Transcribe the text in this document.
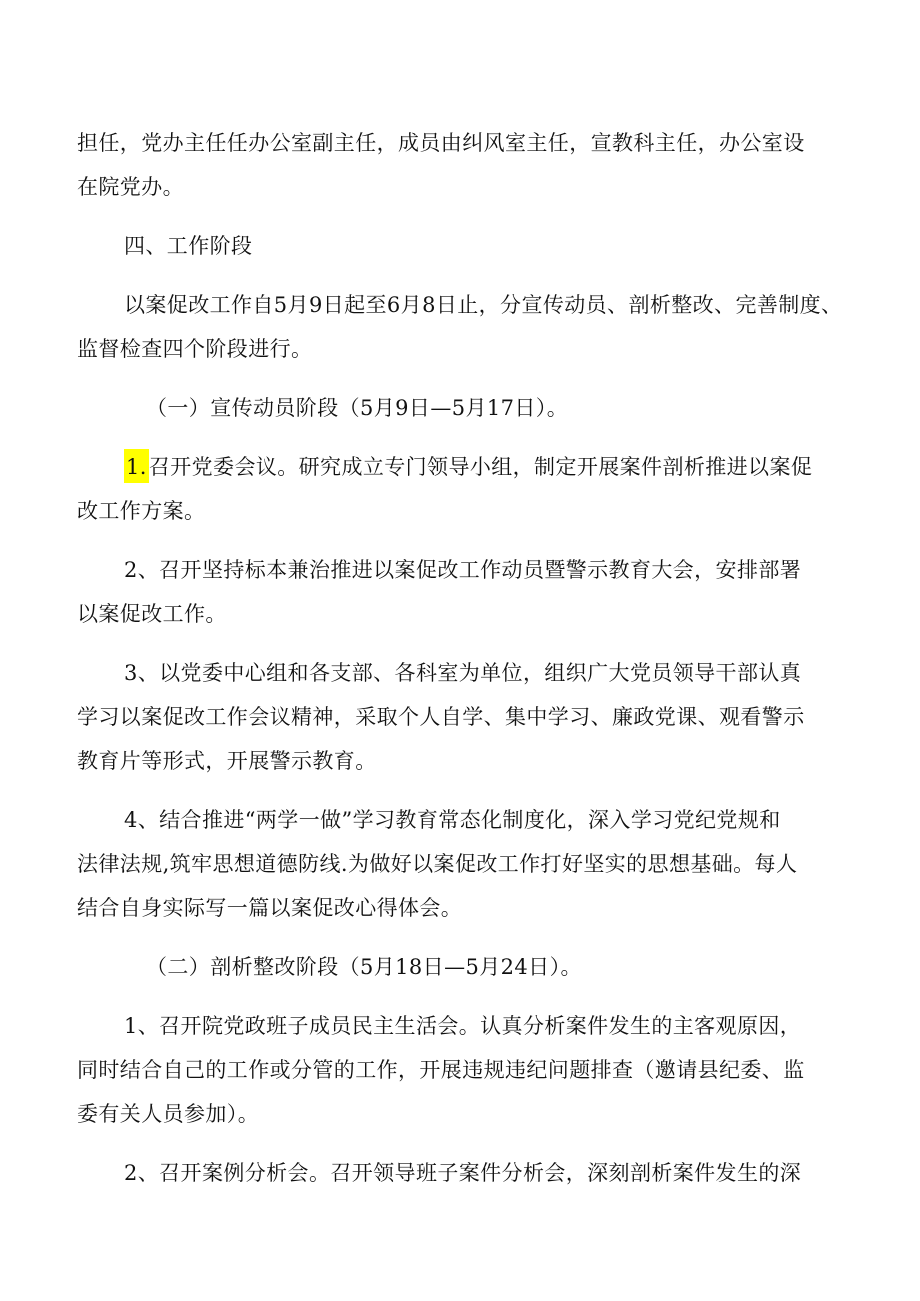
担任，党办主任任办公室副主任，成员由纠风室主任，宣教科主任，办公室设
在院党办。
四、工作阶段
以案促改工作自5月9日起至6月8日止，分宣传动员、剖析整改、完善制度、
监督检查四个阶段进行。
（一）宣传动员阶段（5月9日—5月17日）。
1.召开党委会议。研究成立专门领导小组，制定开展案件剖析推进以案促
改工作方案。
2、召开坚持标本兼治推进以案促改工作动员暨警示教育大会，安排部署
以案促改工作。
3、以党委中心组和各支部、各科室为单位，组织广大党员领导干部认真
学习以案促改工作会议精神，采取个人自学、集中学习、廉政党课、观看警示
教育片等形式，开展警示教育。
4、结合推进“两学一做”学习教育常态化制度化，深入学习党纪党规和
法律法规,筑牢思想道德防线.为做好以案促改工作打好坚实的思想基础。每人
结合自身实际写一篇以案促改心得体会。
（二）剖析整改阶段（5月18日—5月24日）。
1、召开院党政班子成员民主生活会。认真分析案件发生的主客观原因，
同时结合自己的工作或分管的工作，开展违规违纪问题排查（邀请县纪委、监
委有关人员参加）。
2、召开案例分析会。召开领导班子案件分析会，深刻剖析案件发生的深
